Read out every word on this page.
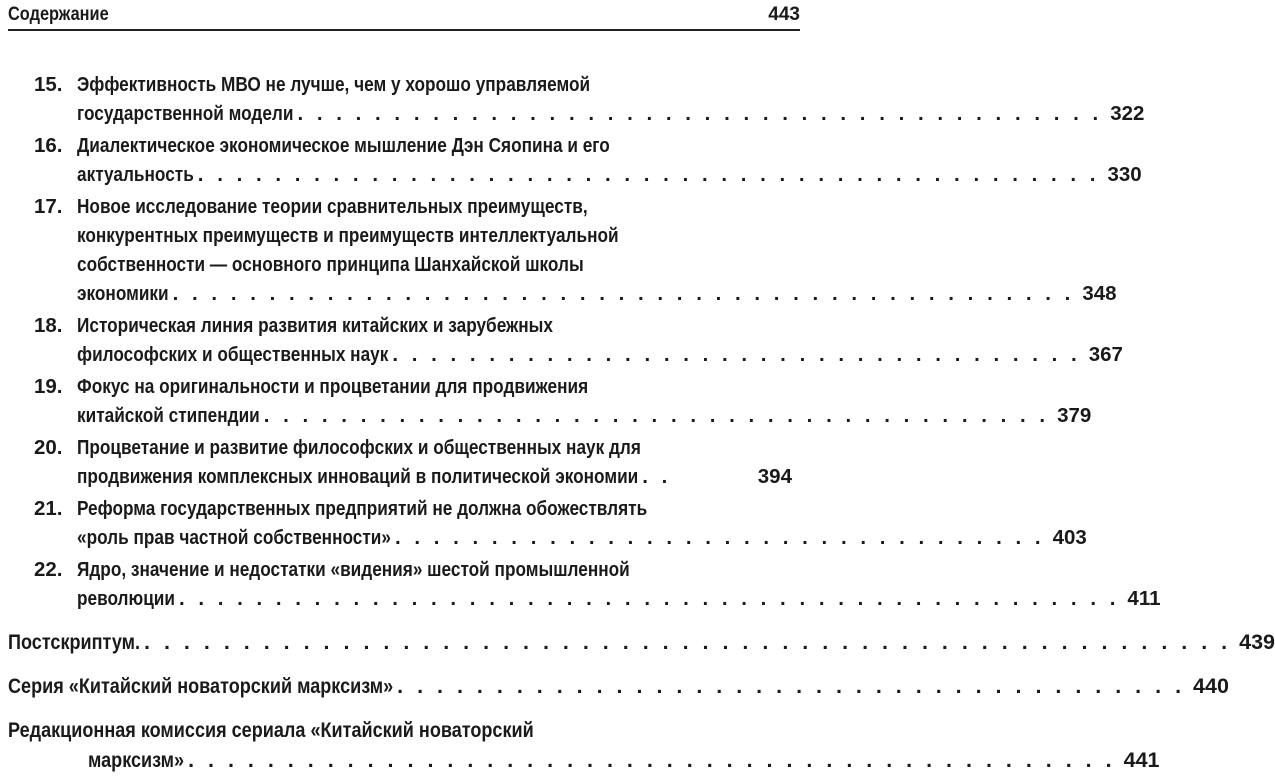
Содержание	443
15. Эффективность МВО не лучше, чем у хорошо управляемой
государственной модели . . . . . . . . . . . . . . . . . . . . . . . . . . . . . . . . . . . . . . . . . . 322
16. Диалектическое экономическое мышление Дэн Сяопина и его
актуальность . . . . . . . . . . . . . . . . . . . . . . . . . . . . . . . . . . . . . . . . . . . . . . . 330
17. Новое исследование теории сравнительных преимуществ,
конкурентных преимуществ и преимуществ интеллектуальной
собственности — основного принципа Шанхайской школы
экономики . . . . . . . . . . . . . . . . . . . . . . . . . . . . . . . . . . . . . . . . . . . . . . . 348
18. Историческая линия развития китайских и зарубежных
философских и общественных наук . . . . . . . . . . . . . . . . . . . . . . . . . . . . . . . . . . . . 367
19. Фокус на оригинальности и процветании для продвижения
китайской стипендии . . . . . . . . . . . . . . . . . . . . . . . . . . . . . . . . . . . . . . . . . 379
20. Процветание и развитие философских и общественных наук для
продвижения комплексных инноваций в политической экономии . .	394
21. Реформа государственных предприятий не должна обожествлять
«роль прав частной собственности» . . . . . . . . . . . . . . . . . . . . . . . . . . . . . . . . . . 403
22. Ядро, значение и недостатки «видения» шестой промышленной
революции . . . . . . . . . . . . . . . . . . . . . . . . . . . . . . . . . . . . . . . . . . . . . . . . . 411
Постскриптум. . . . . . . . . . . . . . . . . . . . . . . . . . . . . . . . . . . . . . . . . . . . . . . . . . . . . . . . 439
Серия «Китайский новаторский марксизм» . . . . . . . . . . . . . . . . . . . . . . . . . . . . . . . . . . . . . . . . 440
Редакционная комиссия сериала «Китайский новаторский
марксизм» . . . . . . . . . . . . . . . . . . . . . . . . . . . . . . . . . . . . . . . . . . . . . . . 441
